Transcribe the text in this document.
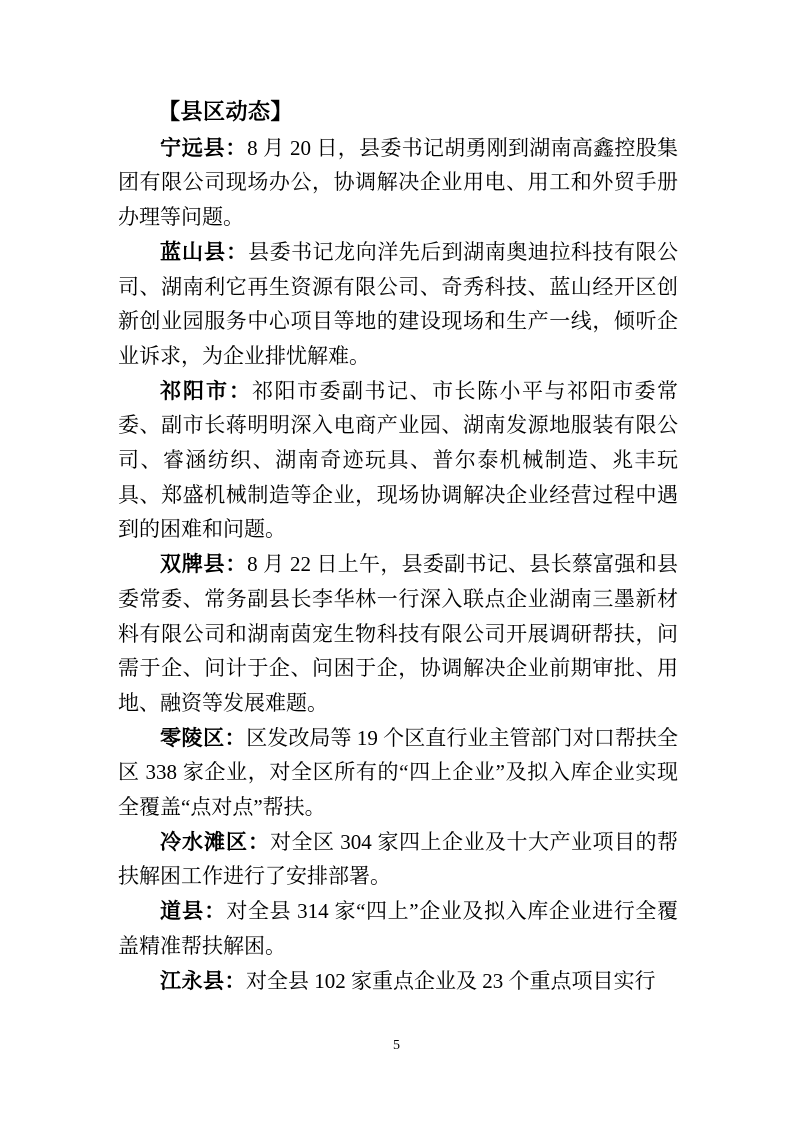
【县区动态】

宁远县：8 月 20 日，县委书记胡勇刚到湖南高鑫控股集团有限公司现场办公，协调解决企业用电、用工和外贸手册办理等问题。

蓝山县：县委书记龙向洋先后到湖南奥迪拉科技有限公司、湖南利它再生资源有限公司、奇秀科技、蓝山经开区创新创业园服务中心项目等地的建设现场和生产一线，倾听企业诉求，为企业排忧解难。

祁阳市：祁阳市委副书记、市长陈小平与祁阳市委常委、副市长蒋明明深入电商产业园、湖南发源地服装有限公司、睿涵纺织、湖南奇迹玩具、普尔泰机械制造、兆丰玩具、郑盛机械制造等企业，现场协调解决企业经营过程中遇到的困难和问题。

双牌县：8 月 22 日上午，县委副书记、县长蔡富强和县委常委、常务副县长李华林一行深入联点企业湖南三墨新材料有限公司和湖南茵宠生物科技有限公司开展调研帮扶，问需于企、问计于企、问困于企，协调解决企业前期审批、用地、融资等发展难题。

零陵区：区发改局等 19 个区直行业主管部门对口帮扶全区 338 家企业，对全区所有的“四上企业”及拟入库企业实现全覆盖“点对点”帮扶。

冷水滩区：对全区 304 家四上企业及十大产业项目的帮扶解困工作进行了安排部署。

道县：对全县 314 家“四上”企业及拟入库企业进行全覆盖精准帮扶解困。

江永县：对全县 102 家重点企业及 23 个重点项目实行

5
